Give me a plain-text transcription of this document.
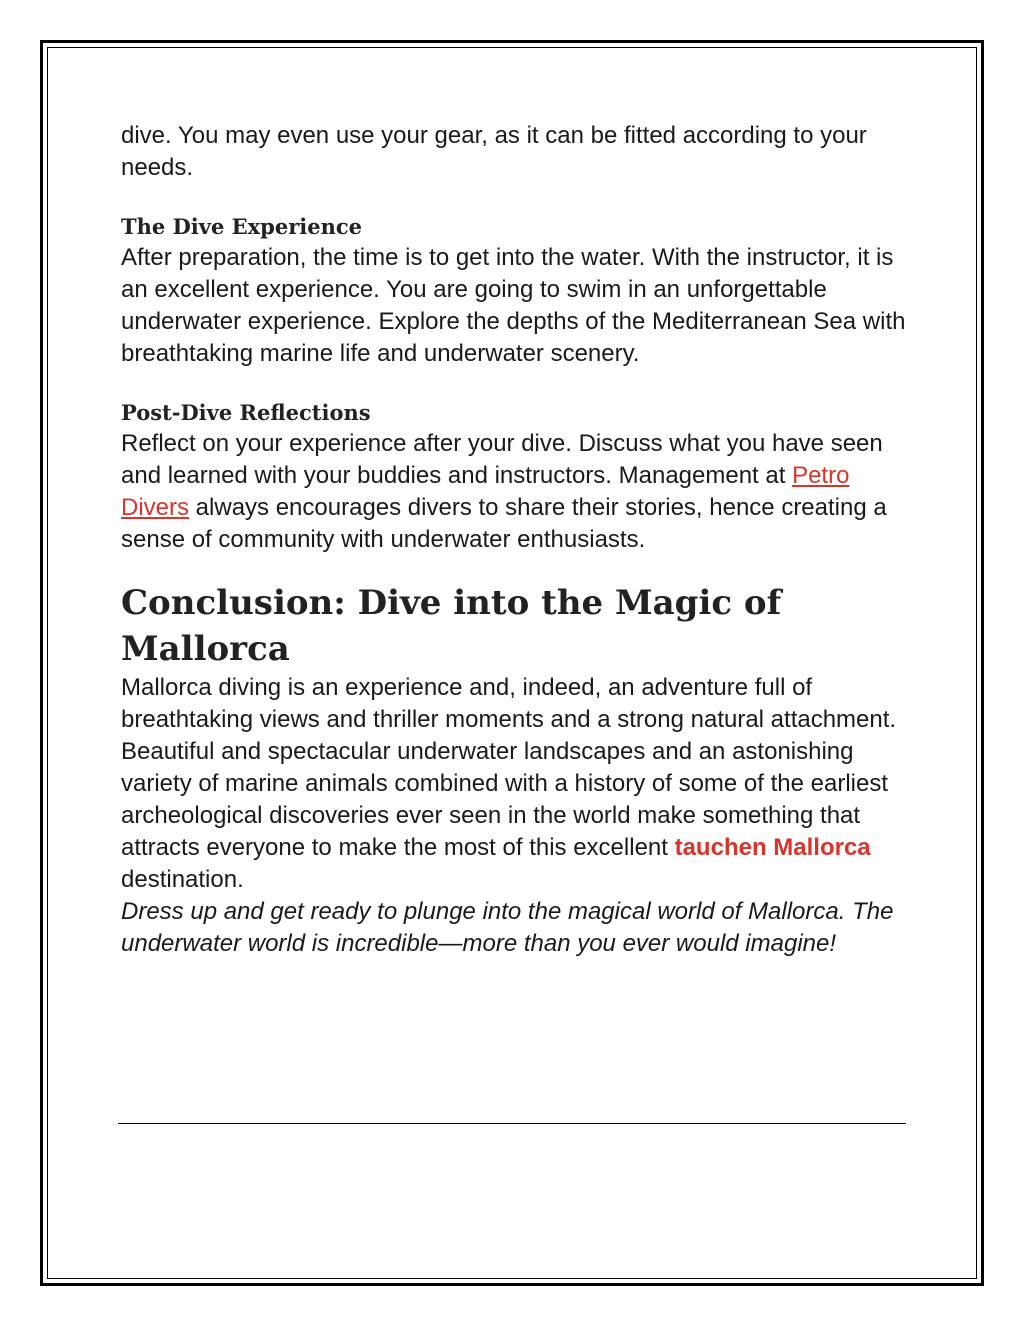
dive. You may even use your gear, as it can be fitted according to your needs.

The Dive Experience

After preparation, the time is to get into the water. With the instructor, it is an excellent experience. You are going to swim in an unforgettable underwater experience. Explore the depths of the Mediterranean Sea with breathtaking marine life and underwater scenery.

Post-Dive Reflections

Reflect on your experience after your dive. Discuss what you have seen and learned with your buddies and instructors. Management at Petro Divers always encourages divers to share their stories, hence creating a sense of community with underwater enthusiasts.

Conclusion: Dive into the Magic of Mallorca

Mallorca diving is an experience and, indeed, an adventure full of breathtaking views and thriller moments and a strong natural attachment. Beautiful and spectacular underwater landscapes and an astonishing variety of marine animals combined with a history of some of the earliest archeological discoveries ever seen in the world make something that attracts everyone to make the most of this excellent tauchen Mallorca destination.
Dress up and get ready to plunge into the magical world of Mallorca. The underwater world is incredible—more than you ever would imagine!
